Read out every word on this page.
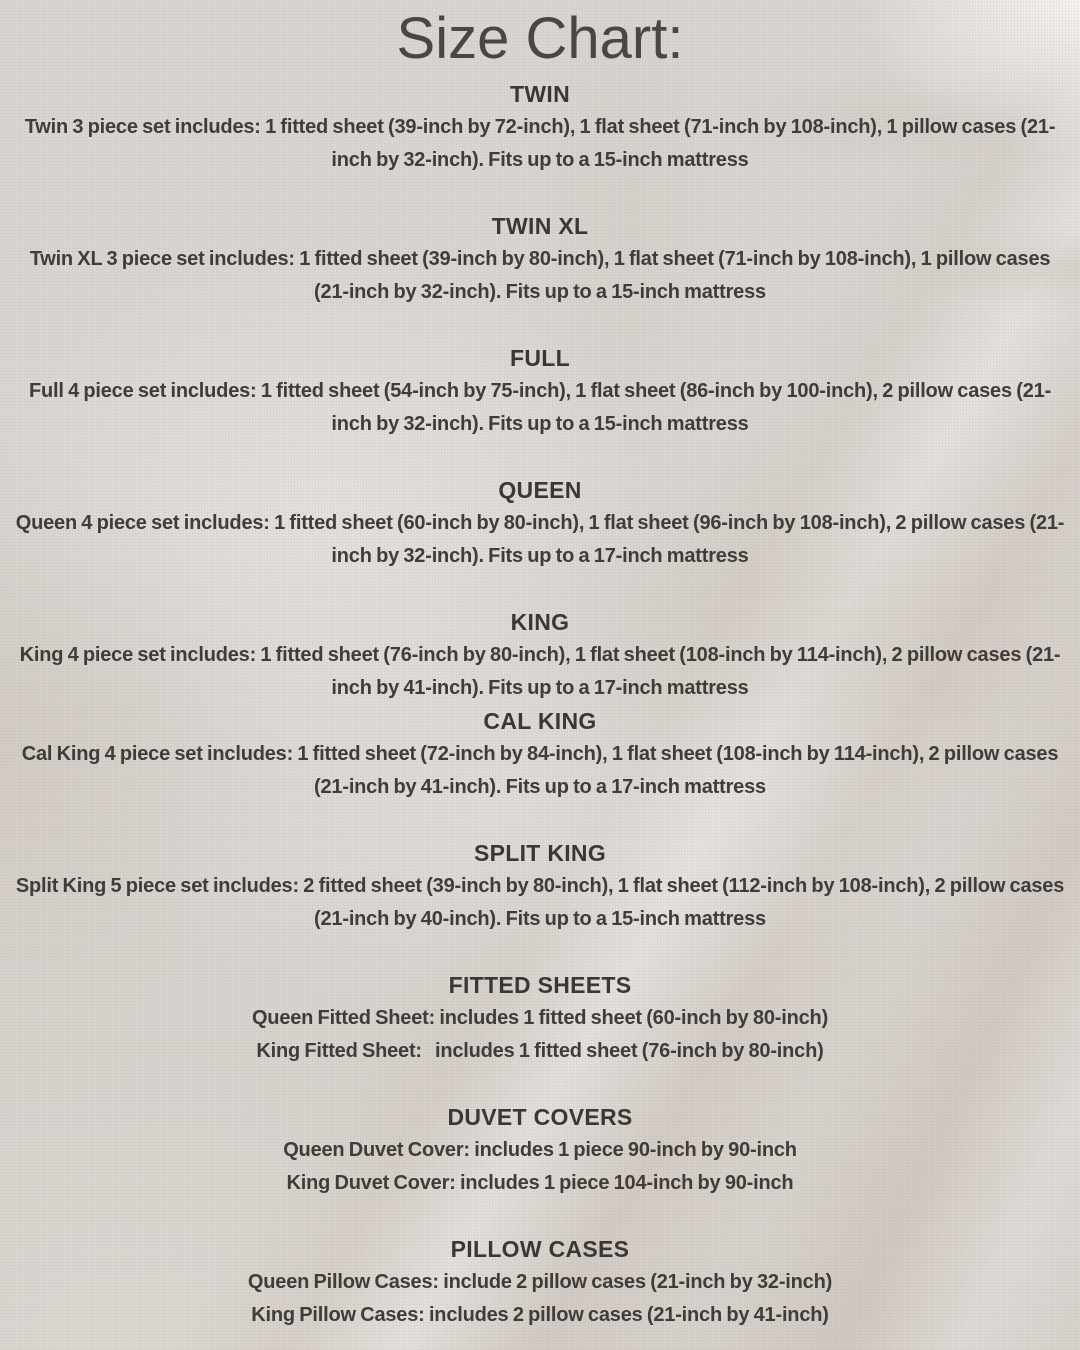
Size Chart:
TWIN

Twin 3 piece set includes: 1 fitted sheet (39-inch by 72-inch), 1 flat sheet (71-inch by 108-inch), 1 pillow cases (21-inch by 32-inch). Fits up to a 15-inch mattress

TWIN XL

Twin XL 3 piece set includes: 1 fitted sheet (39-inch by 80-inch), 1 flat sheet (71-inch by 108-inch), 1 pillow cases (21-inch by 32-inch). Fits up to a 15-inch mattress

FULL

Full 4 piece set includes: 1 fitted sheet (54-inch by 75-inch), 1 flat sheet (86-inch by 100-inch), 2 pillow cases (21-inch by 32-inch). Fits up to a 15-inch mattress

QUEEN

Queen 4 piece set includes: 1 fitted sheet (60-inch by 80-inch), 1 flat sheet (96-inch by 108-inch), 2 pillow cases (21-inch by 32-inch). Fits up to a 17-inch mattress

KING

King 4 piece set includes: 1 fitted sheet (76-inch by 80-inch), 1 flat sheet (108-inch by 114-inch), 2 pillow cases (21-inch by 41-inch). Fits up to a 17-inch mattress

CAL KING

Cal King 4 piece set includes: 1 fitted sheet (72-inch by 84-inch), 1 flat sheet (108-inch by 114-inch), 2 pillow cases (21-inch by 41-inch). Fits up to a 17-inch mattress

SPLIT KING

Split King 5 piece set includes: 2 fitted sheet (39-inch by 80-inch), 1 flat sheet (112-inch by 108-inch), 2 pillow cases (21-inch by 40-inch). Fits up to a 15-inch mattress

FITTED SHEETS
Queen Fitted Sheet: includes 1 fitted sheet (60-inch by 80-inch)
King Fitted Sheet:   includes 1 fitted sheet (76-inch by 80-inch)
DUVET COVERS
Queen Duvet Cover: includes 1 piece 90-inch by 90-inch
King Duvet Cover: includes 1 piece 104-inch by 90-inch
PILLOW CASES
Queen Pillow Cases: include 2 pillow cases (21-inch by 32-inch)
King Pillow Cases: includes 2 pillow cases (21-inch by 41-inch)
